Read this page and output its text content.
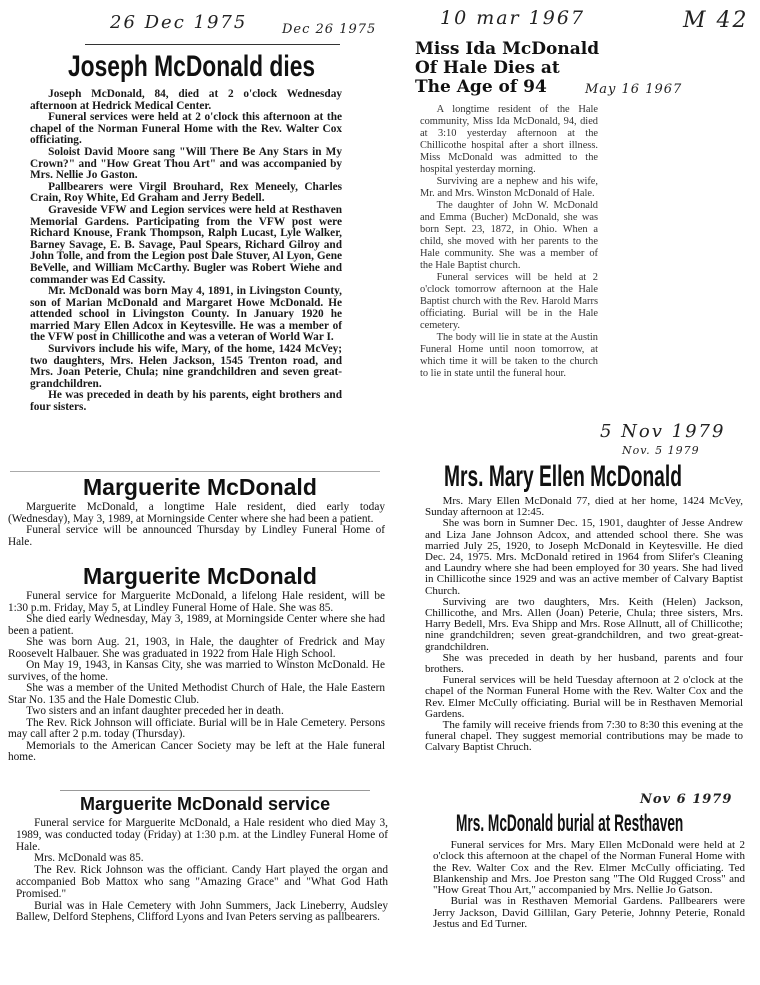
M 42
26 Dec 1975	Dec 26 1975
Joseph McDonald dies

Joseph McDonald, 84, died at 2 o'clock Wednesday afternoon at Hedrick Medical Center.

Funeral services were held at 2 o'clock this afternoon at the chapel of the Norman Funeral Home with the Rev. Walter Cox officiating.

Soloist David Moore sang "Will There Be Any Stars in My Crown?" and "How Great Thou Art" and was accompanied by Mrs. Nellie Jo Gaston.

Pallbearers were Virgil Brouhard, Rex Meneely, Charles Crain, Roy White, Ed Graham and Jerry Bedell.

Graveside VFW and Legion services were held at Resthaven Memorial Gardens. Participating from the VFW post were Richard Knouse, Frank Thompson, Ralph Lucast, Lyle Walker, Barney Savage, E. B. Savage, Paul Spears, Richard Gilroy and John Tolle, and from the Legion post Dale Stuver, Al Lyon, Gene BeVelle, and William McCarthy. Bugler was Robert Wiehe and commander was Ed Cassity.

Mr. McDonald was born May 4, 1891, in Livingston County, son of Marian McDonald and Margaret Howe McDonald. He attended school in Livingston County. In January 1920 he married Mary Ellen Adcox in Keytesville. He was a member of the VFW post in Chillicothe and was a veteran of World War I.

Survivors include his wife, Mary, of the home, 1424 McVey; two daughters, Mrs. Helen Jackson, 1545 Trenton road, and Mrs. Joan Peterie, Chula; nine grandchildren and seven great-grandchildren.

He was preceded in death by his parents, eight brothers and four sisters.

10 mar 1967
Miss Ida McDonald
Of Hale Dies at
The Age of 94	May 16 1967

A longtime resident of the Hale community, Miss Ida McDonald, 94, died at 3:10 yesterday afternoon at the Chillicothe hospital after a short illness. Miss McDonald was admitted to the hospital yesterday morning.

Surviving are a nephew and his wife, Mr. and Mrs. Winston McDonald of Hale.

The daughter of John W. McDonald and Emma (Bucher) McDonald, she was born Sept. 23, 1872, in Ohio. When a child, she moved with her parents to the Hale community. She was a member of the Hale Baptist church.

Funeral services will be held at 2 o'clock tomorrow afternoon at the Hale Baptist church with the Rev. Harold Marrs officiating. Burial will be in the Hale cemetery.

The body will lie in state at the Austin Funeral Home until noon tomorrow, at which time it will be taken to the church to lie in state until the funeral hour.

Marguerite McDonald

Marguerite McDonald, a longtime Hale resident, died early today (Wednesday), May 3, 1989, at Morningside Center where she had been a patient.

Funeral service will be announced Thursday by Lindley Funeral Home of Hale.

Marguerite McDonald

Funeral service for Marguerite McDonald, a lifelong Hale resident, will be 1:30 p.m. Friday, May 5, at Lindley Funeral Home of Hale. She was 85.

She died early Wednesday, May 3, 1989, at Morningside Center where she had been a patient.

She was born Aug. 21, 1903, in Hale, the daughter of Fredrick and May Roosevelt Halbauer. She was graduated in 1922 from Hale High School.

On May 19, 1943, in Kansas City, she was married to Winston McDonald. He survives, of the home.

She was a member of the United Methodist Church of Hale, the Hale Eastern Star No. 135 and the Hale Domestic Club.

Two sisters and an infant daughter preceded her in death.

The Rev. Rick Johnson will officiate. Burial will be in Hale Cemetery. Persons may call after 2 p.m. today (Thursday).

Memorials to the American Cancer Society may be left at the Hale funeral home.

Marguerite McDonald service

Funeral service for Marguerite McDonald, a Hale resident who died May 3, 1989, was conducted today (Friday) at 1:30 p.m. at the Lindley Funeral Home of Hale.

Mrs. McDonald was 85.

The Rev. Rick Johnson was the officiant. Candy Hart played the organ and accompanied Bob Mattox who sang "Amazing Grace" and "What God Hath Promised."

Burial was in Hale Cemetery with John Summers, Jack Lineberry, Audsley Ballew, Delford Stephens, Clifford Lyons and Ivan Peters serving as pallbearers.

5 Nov 1979
Nov. 5 1979
Mrs. Mary Ellen McDonald

Mrs. Mary Ellen McDonald 77, died at her home, 1424 McVey, Sunday afternoon at 12:45.

She was born in Sumner Dec. 15, 1901, daughter of Jesse Andrew and Liza Jane Johnson Adcox, and attended school there. She was married July 25, 1920, to Joseph McDonald in Keytesville. He died Dec. 24, 1975. Mrs. McDonald retired in 1964 from Slifer's Cleaning and Laundry where she had been employed for 30 years. She had lived in Chillicothe since 1929 and was an active member of Calvary Baptist Church.

Surviving are two daughters, Mrs. Keith (Helen) Jackson, Chillicothe, and Mrs. Allen (Joan) Peterie, Chula; three sisters, Mrs. Harry Bedell, Mrs. Eva Shipp and Mrs. Rose Allnutt, all of Chillicothe; nine grandchildren; seven great-grandchildren, and two great-great-grandchildren.

She was preceded in death by her husband, parents and four brothers.

Funeral services will be held Tuesday afternoon at 2 o'clock at the chapel of the Norman Funeral Home with the Rev. Walter Cox and the Rev. Elmer McCully officiating. Burial will be in Resthaven Memorial Gardens.

The family will receive friends from 7:30 to 8:30 this evening at the funeral chapel. They suggest memorial contributions may be made to Calvary Baptist Chruch.

Nov 6 1979
Mrs. McDonald burial at Resthaven

Funeral services for Mrs. Mary Ellen McDonald were held at 2 o'clock this afternoon at the chapel of the Norman Funeral Home with the Rev. Walter Cox and the Rev. Elmer McCully officiating. Ted Blankenship and Mrs. Joe Preston sang "The Old Rugged Cross" and "How Great Thou Art," accompanied by Mrs. Nellie Jo Gatson.

Burial was in Resthaven Memorial Gardens. Pallbearers were Jerry Jackson, David Gillilan, Gary Peterie, Johnny Peterie, Ronald Jestus and Ed Turner.
